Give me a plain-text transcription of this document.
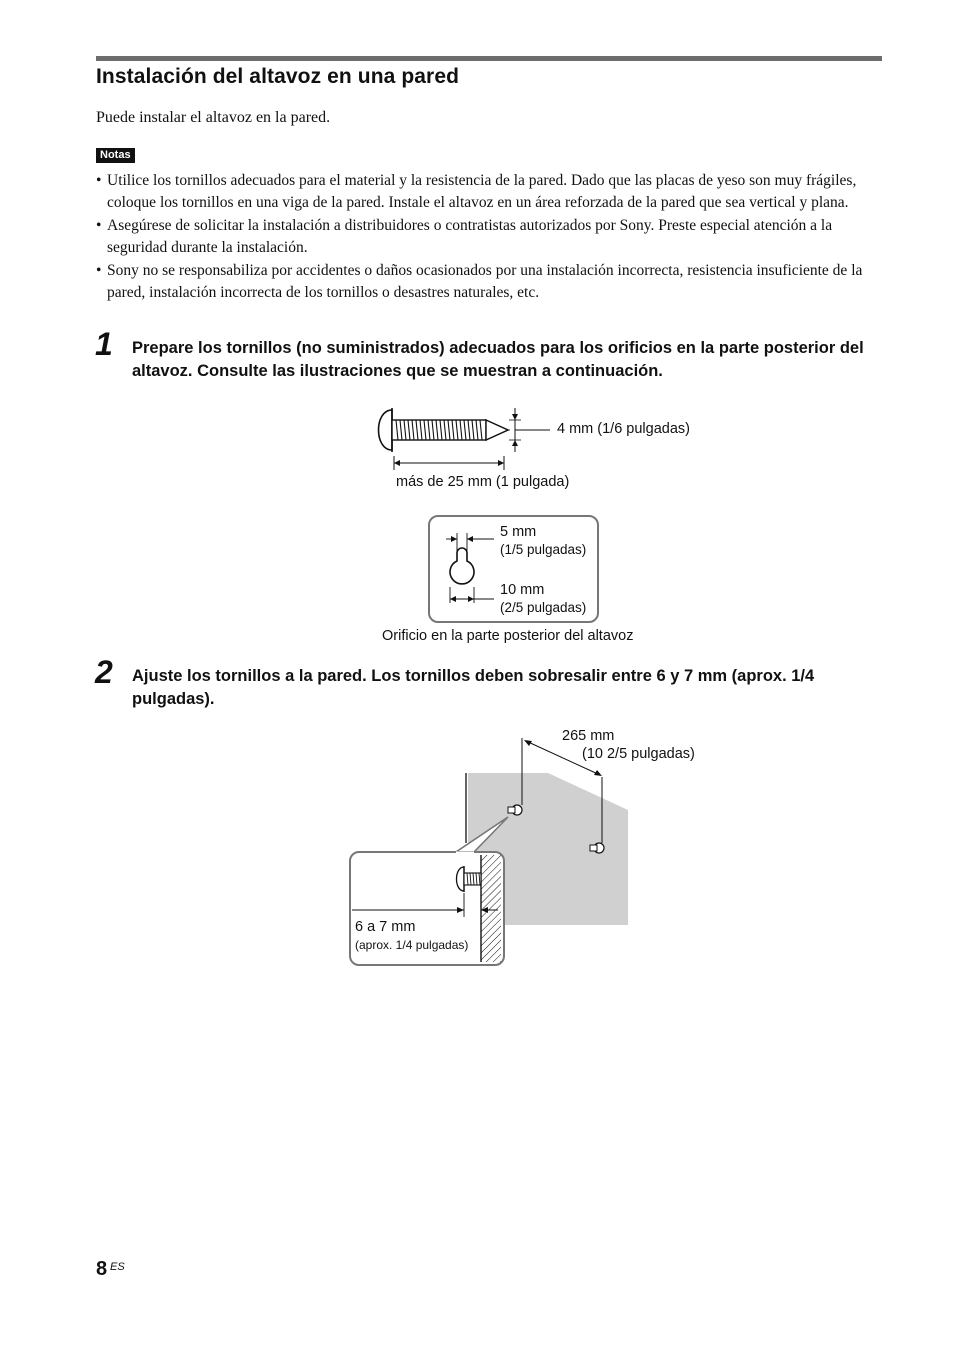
Instalación del altavoz en una pared
Puede instalar el altavoz en la pared.
Notas
• Utilice los tornillos adecuados para el material y la resistencia de la pared. Dado que las placas de yeso son muy frágiles, coloque los tornillos en una viga de la pared. Instale el altavoz en un área reforzada de la pared que sea vertical y plana.
• Asegúrese de solicitar la instalación a distribuidores o contratistas autorizados por Sony. Preste especial atención a la seguridad durante la instalación.
• Sony no se responsabiliza por accidentes o daños ocasionados por una instalación incorrecta, resistencia insuficiente de la pared, instalación incorrecta de los tornillos o desastres naturales, etc.
1 Prepare los tornillos (no suministrados) adecuados para los orificios en la parte posterior del altavoz. Consulte las ilustraciones que se muestran a continuación.
4 mm (1/6 pulgadas)
más de 25 mm (1 pulgada)
5 mm
(1/5 pulgadas)
10 mm
(2/5 pulgadas)
Orificio en la parte posterior del altavoz
2 Ajuste los tornillos a la pared. Los tornillos deben sobresalir entre 6 y 7 mm (aprox. 1/4 pulgadas).
265 mm
(10 2/5 pulgadas)
6 a 7 mm
(aprox. 1/4 pulgadas)
8 ES
